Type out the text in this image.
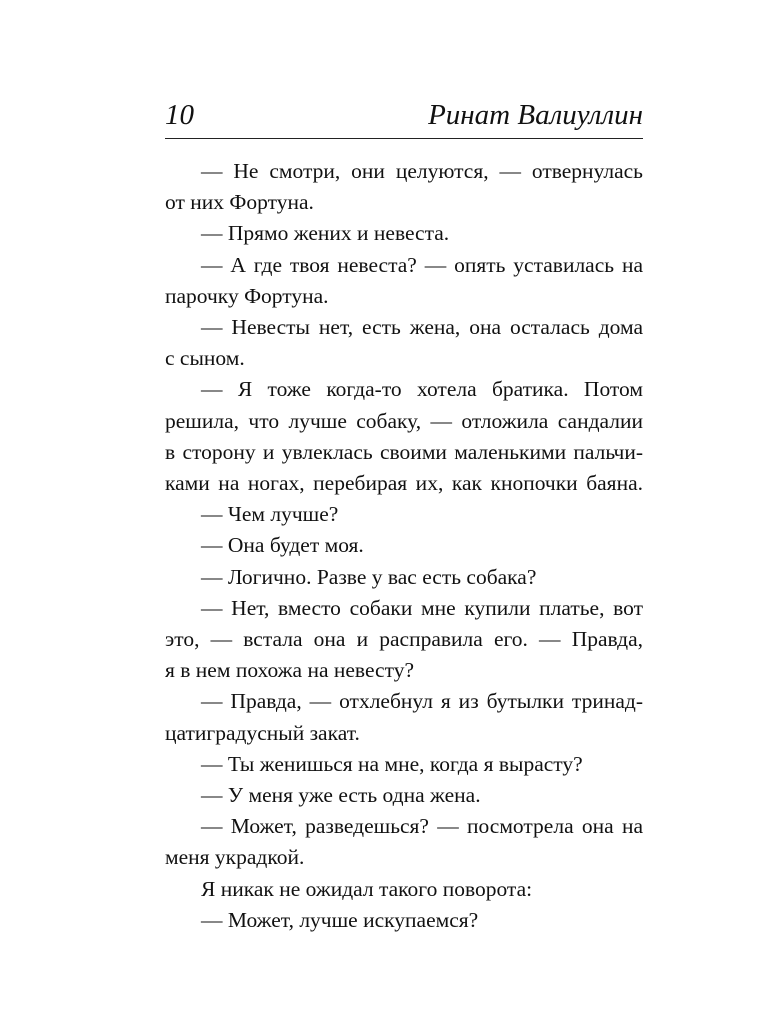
10	Ринат Валиуллин
— Не смотри, они целуются, — отвернулась
от них Фортуна.
— Прямо жених и невеста.
— А где твоя невеста? — опять уставилась на
парочку Фортуна.
— Невесты нет, есть жена, она осталась дома
с сыном.
— Я тоже когда-то хотела братика. Потом
решила, что лучше собаку, — отложила сандалии
в сторону и увлеклась своими маленькими пальчи-
ками на ногах, перебирая их, как кнопочки баяна.
— Чем лучше?
— Она будет моя.
— Логично. Разве у вас есть собака?
— Нет, вместо собаки мне купили платье, вот
это, — встала она и расправила его. — Правда,
я в нем похожа на невесту?
— Правда, — отхлебнул я из бутылки тринад-
цатиградусный закат.
— Ты женишься на мне, когда я вырасту?
— У меня уже есть одна жена.
— Может, разведешься? — посмотрела она на
меня украдкой.
Я никак не ожидал такого поворота:
— Может, лучше искупаемся?
